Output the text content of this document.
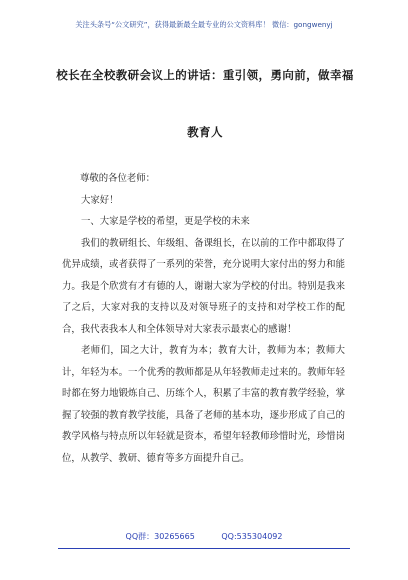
关注头条号“公文研究”，获得最新最全最专业的公文资料库！ 微信：gongwenyj
校长在全校教研会议上的讲话：重引领，勇向前，做幸福
教育人

尊敬的各位老师：

大家好！

一、大家是学校的希望，更是学校的未来

我们的教研组长、年级组、备课组长，在以前的工作中都取得了优异成绩，或者获得了一系列的荣誉，充分说明大家付出的努力和能力。我是个欣赏有才有德的人，谢谢大家为学校的付出。特别是我来了之后，大家对我的支持以及对领导班子的支持和对学校工作的配合，我代表我本人和全体领导对大家表示最衷心的感谢！

老师们，国之大计，教育为本；教育大计，教师为本；教师大计，年轻为本。一个优秀的教师都是从年轻教师走过来的。教师年轻时都在努力地锻炼自己、历练个人，积累了丰富的教育教学经验，掌握了较强的教育教学技能，具备了老师的基本功，逐步形成了自己的教学风格与特点所以年轻就是资本，希望年轻教师珍惜时光，珍惜岗位，从教学、教研、德育等多方面提升自己。

QQ群：30265665	QQ:535304092
